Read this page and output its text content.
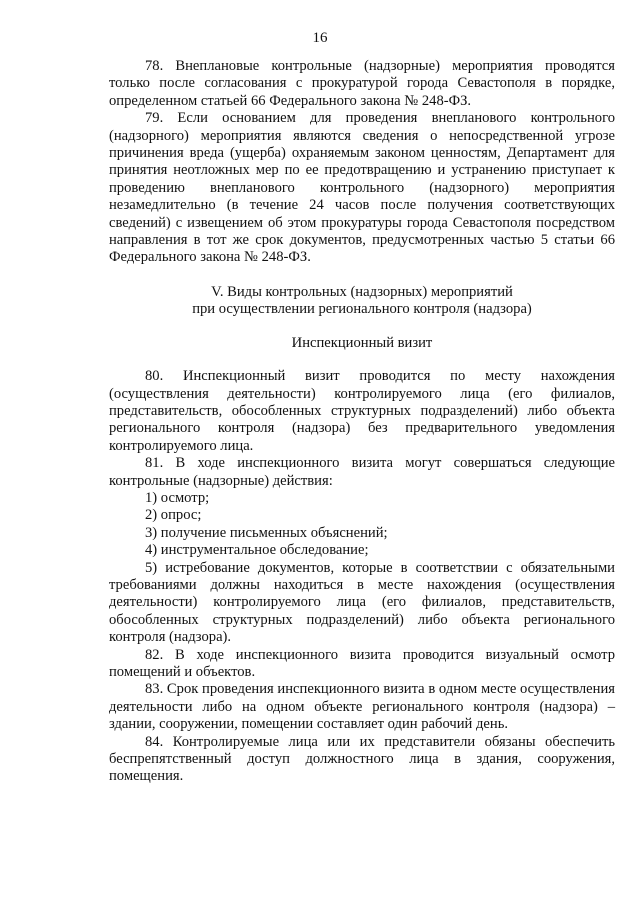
16

78. Внеплановые контрольные (надзорные) мероприятия проводятся только после согласования с прокуратурой города Севастополя в порядке, определенном статьей 66 Федерального закона № 248-ФЗ.

79. Если основанием для проведения внепланового контрольного (надзорного) мероприятия являются сведения о непосредственной угрозе причинения вреда (ущерба) охраняемым законом ценностям, Департамент для принятия неотложных мер по ее предотвращению и устранению приступает к проведению внепланового контрольного (надзорного) мероприятия незамедлительно (в течение 24 часов после получения соответствующих сведений) с извещением об этом прокуратуры города Севастополя посредством направления в тот же срок документов, предусмотренных частью 5 статьи 66 Федерального закона № 248-ФЗ.

V. Виды контрольных (надзорных) мероприятий

при осуществлении регионального контроля (надзора)

Инспекционный визит

80. Инспекционный визит проводится по месту нахождения (осуществления деятельности) контролируемого лица (его филиалов, представительств, обособленных структурных подразделений) либо объекта регионального контроля (надзора) без предварительного уведомления контролируемого лица.

81. В ходе инспекционного визита могут совершаться следующие контрольные (надзорные) действия:

1) осмотр;

2) опрос;

3) получение письменных объяснений;

4) инструментальное обследование;

5) истребование документов, которые в соответствии с обязательными требованиями должны находиться в месте нахождения (осуществления деятельности) контролируемого лица (его филиалов, представительств, обособленных структурных подразделений) либо объекта регионального контроля (надзора).

82. В ходе инспекционного визита проводится визуальный осмотр помещений и объектов.

83. Срок проведения инспекционного визита в одном месте осуществления деятельности либо на одном объекте регионального контроля (надзора) – здании, сооружении, помещении составляет один рабочий день.

84. Контролируемые лица или их представители обязаны обеспечить беспрепятственный доступ должностного лица в здания, сооружения, помещения.
